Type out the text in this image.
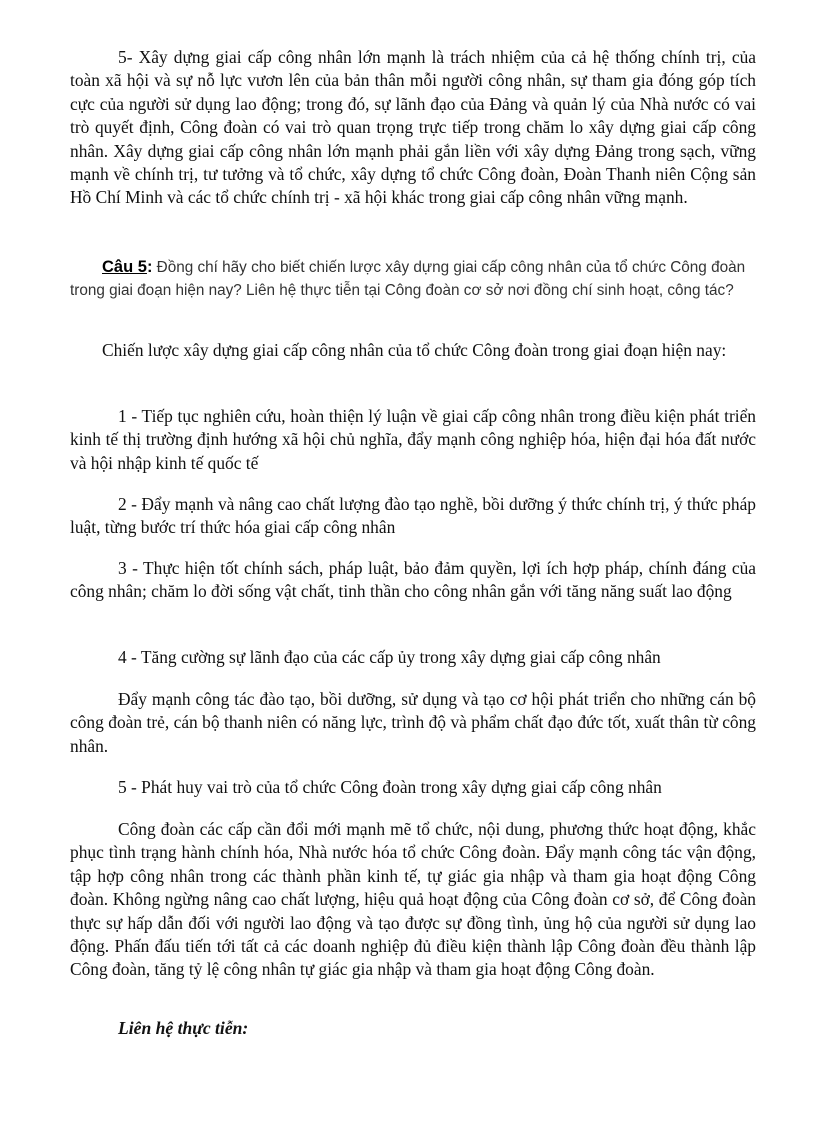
5- Xây dựng giai cấp công nhân lớn mạnh là trách nhiệm của cả hệ thống chính trị, của toàn xã hội và sự nỗ lực vươn lên của bản thân mỗi người công nhân, sự tham gia đóng góp tích cực của người sử dụng lao động; trong đó, sự lãnh đạo của Đảng và quản lý của Nhà nước có vai trò quyết định, Công đoàn có vai trò quan trọng trực tiếp trong chăm lo xây dựng giai cấp công nhân. Xây dựng giai cấp công nhân lớn mạnh phải gắn liền với xây dựng Đảng trong sạch, vững mạnh về chính trị, tư tưởng và tổ chức, xây dựng tổ chức Công đoàn, Đoàn Thanh niên Cộng sản Hồ Chí Minh và các tổ chức chính trị - xã hội khác trong giai cấp công nhân vững mạnh.

Câu 5: Đồng chí hãy cho biết chiến lược xây dựng giai cấp công nhân của tổ chức Công đoàn trong giai đoạn hiện nay? Liên hệ thực tiễn tại Công đoàn cơ sở nơi đồng chí sinh hoạt, công tác?

Chiến lược xây dựng giai cấp công nhân của tổ chức Công đoàn trong giai đoạn hiện nay:

1 - Tiếp tục nghiên cứu, hoàn thiện lý luận về giai cấp công nhân trong điều kiện phát triển kinh tế thị trường định hướng xã hội chủ nghĩa, đẩy mạnh công nghiệp hóa, hiện đại hóa đất nước và hội nhập kinh tế quốc tế

2 - Đẩy mạnh và nâng cao chất lượng đào tạo nghề, bồi dưỡng ý thức chính trị, ý thức pháp luật, từng bước trí thức hóa giai cấp công nhân

3 - Thực hiện tốt chính sách, pháp luật, bảo đảm quyền, lợi ích hợp pháp, chính đáng của công nhân; chăm lo đời sống vật chất, tinh thần cho công nhân gắn với tăng năng suất lao động

4 - Tăng cường sự lãnh đạo của các cấp ủy trong xây dựng giai cấp công nhân

Đẩy mạnh công tác đào tạo, bồi dưỡng, sử dụng và tạo cơ hội phát triển cho những cán bộ công đoàn trẻ, cán bộ thanh niên có năng lực, trình độ và phẩm chất đạo đức tốt, xuất thân từ công nhân.

5 - Phát huy vai trò của tổ chức Công đoàn trong xây dựng giai cấp công nhân

Công đoàn các cấp cần đổi mới mạnh mẽ tổ chức, nội dung, phương thức hoạt động, khắc phục tình trạng hành chính hóa, Nhà nước hóa tổ chức Công đoàn. Đẩy mạnh công tác vận động, tập hợp công nhân trong các thành phần kinh tế, tự giác gia nhập và tham gia hoạt động Công đoàn. Không ngừng nâng cao chất lượng, hiệu quả hoạt động của Công đoàn cơ sở, để Công đoàn thực sự hấp dẫn đối với người lao động và tạo được sự đồng tình, ủng hộ của người sử dụng lao động. Phấn đấu tiến tới tất cả các doanh nghiệp đủ điều kiện thành lập Công đoàn đều thành lập Công đoàn, tăng tỷ lệ công nhân tự giác gia nhập và tham gia hoạt động Công đoàn.

Liên hệ thực tiễn:
